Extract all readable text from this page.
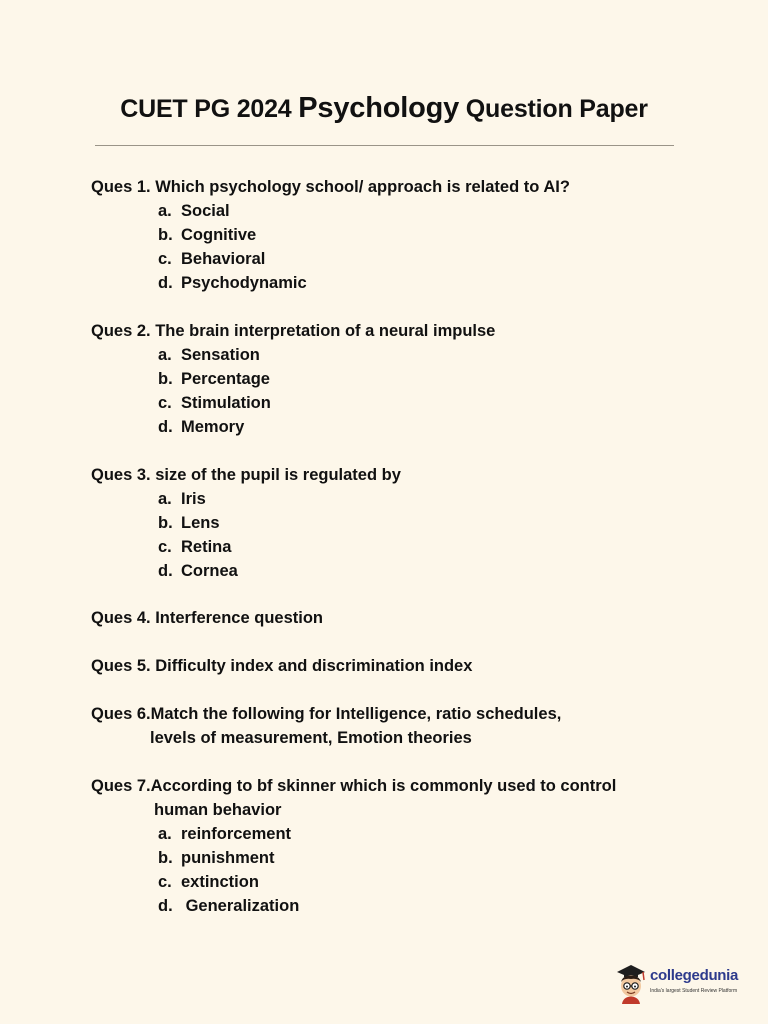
CUET PG 2024 Psychology Question Paper
Ques 1. Which psychology school/ approach is related to AI?
a. Social
b. Cognitive
c. Behavioral
d. Psychodynamic
Ques 2. The brain interpretation of a neural impulse
a. Sensation
b. Percentage
c. Stimulation
d. Memory
Ques 3. size of the pupil is regulated by
a. Iris
b. Lens
c. Retina
d. Cornea
Ques 4. Interference question
Ques 5. Difficulty index and discrimination index
Ques 6.Match the following for Intelligence, ratio schedules,
levels of measurement, Emotion theories
Ques 7.According to bf skinner which is commonly used to control
human behavior
a. reinforcement
b. punishment
c. extinction
d. Generalization
collegedunia
India's largest Student Review Platform
